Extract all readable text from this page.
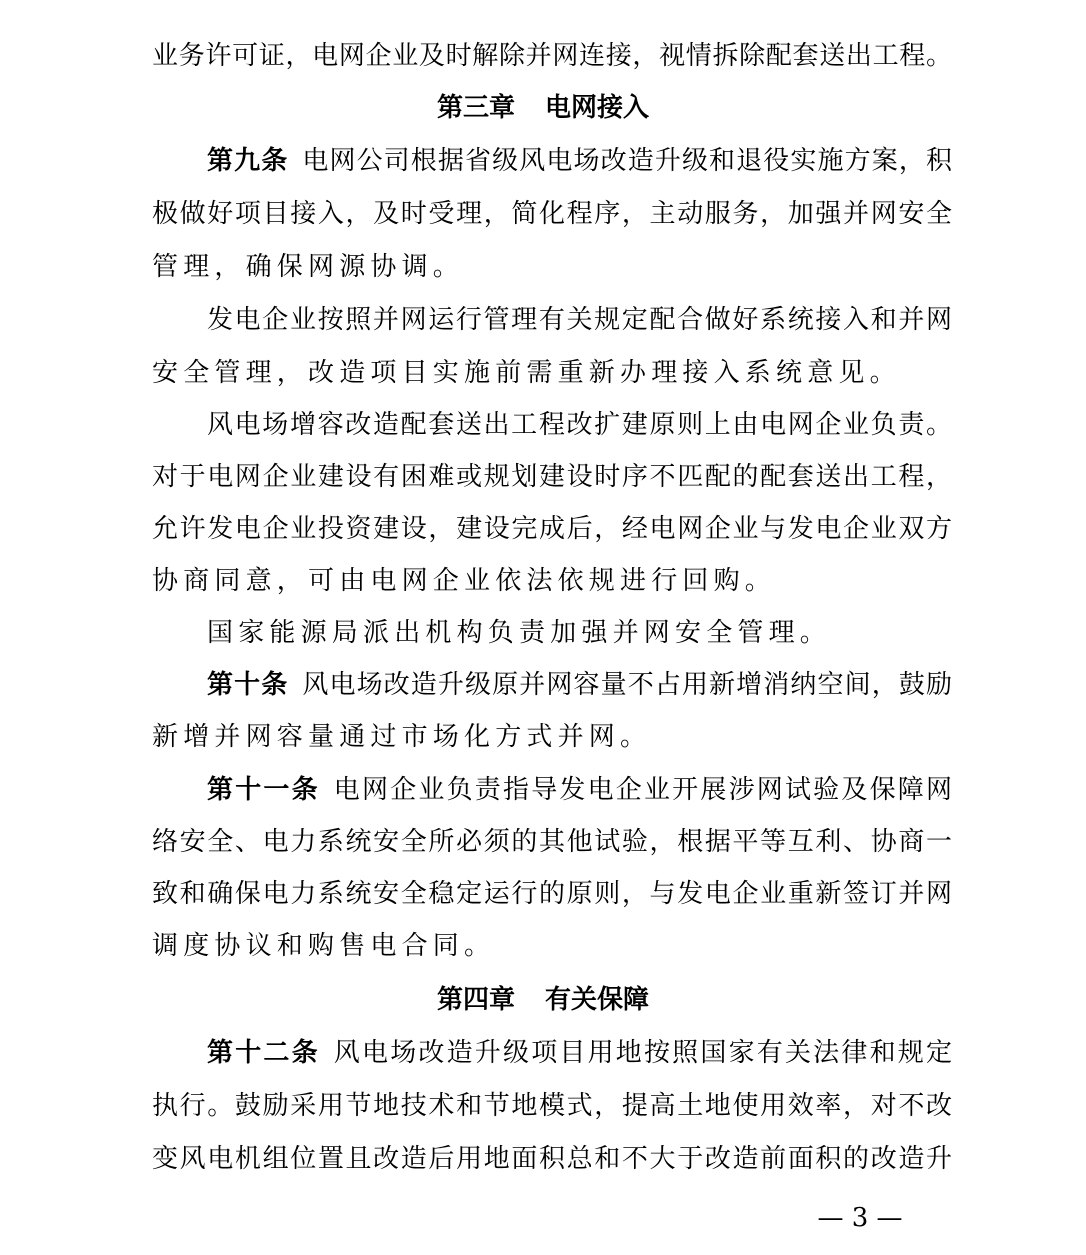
业务许可证，电网企业及时解除并网连接，视情拆除配套送出工程。
第三章 电网接入
第九条 电网公司根据省级风电场改造升级和退役实施方案，积
极做好项目接入，及时受理，简化程序，主动服务，加强并网安全
管理，确保网源协调。
发电企业按照并网运行管理有关规定配合做好系统接入和并网
安全管理，改造项目实施前需重新办理接入系统意见。
风电场增容改造配套送出工程改扩建原则上由电网企业负责。
对于电网企业建设有困难或规划建设时序不匹配的配套送出工程，
允许发电企业投资建设，建设完成后，经电网企业与发电企业双方
协商同意，可由电网企业依法依规进行回购。
国家能源局派出机构负责加强并网安全管理。
第十条 风电场改造升级原并网容量不占用新增消纳空间，鼓励
新增并网容量通过市场化方式并网。
第十一条 电网企业负责指导发电企业开展涉网试验及保障网
络安全、电力系统安全所必须的其他试验，根据平等互利、协商一
致和确保电力系统安全稳定运行的原则，与发电企业重新签订并网
调度协议和购售电合同。
第四章 有关保障
第十二条 风电场改造升级项目用地按照国家有关法律和规定
执行。鼓励采用节地技术和节地模式，提高土地使用效率，对不改
变风电机组位置且改造后用地面积总和不大于改造前面积的改造升
— 3 —
